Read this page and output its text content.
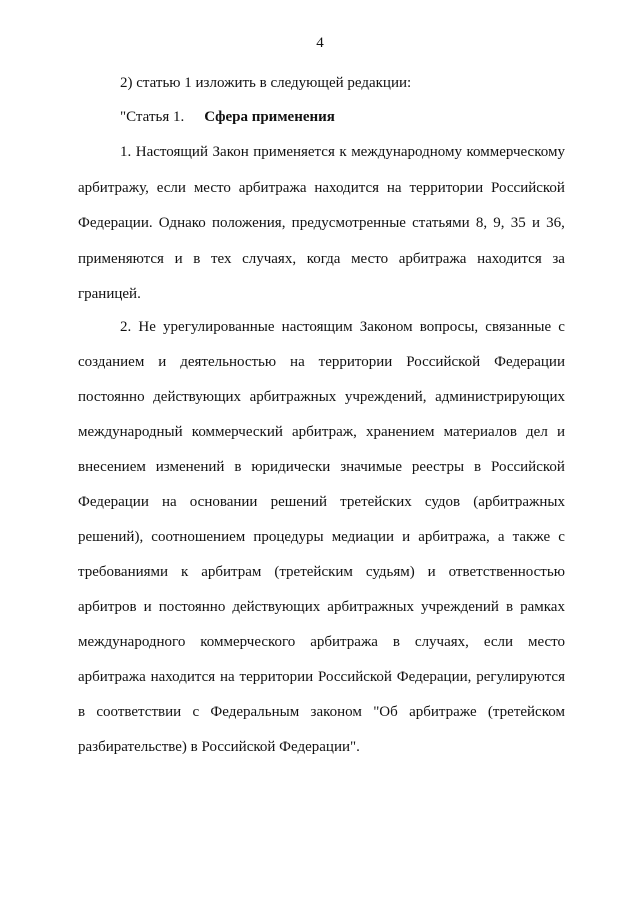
4
2) статью 1 изложить в следующей редакции:
"Статья 1. Сфера применения
1. Настоящий Закон применяется к международному коммерческому
арбитражу, если место арбитража находится на территории Российской
Федерации. Однако положения, предусмотренные статьями 8, 9, 35 и 36,
применяются и в тех случаях, когда место арбитража находится за
границей.
2. Не урегулированные настоящим Законом вопросы, связанные с
созданием и деятельностью на территории Российской Федерации
постоянно действующих арбитражных учреждений, администрирующих
международный коммерческий арбитраж, хранением материалов дел и
внесением изменений в юридически значимые реестры в Российской
Федерации на основании решений третейских судов (арбитражных
решений), соотношением процедуры медиации и арбитража, а также с
требованиями к арбитрам (третейским судьям) и ответственностью
арбитров и постоянно действующих арбитражных учреждений в рамках
международного коммерческого арбитража в случаях, если место
арбитража находится на территории Российской Федерации, регулируются
в соответствии с Федеральным законом "Об арбитраже (третейском
разбирательстве) в Российской Федерации".
